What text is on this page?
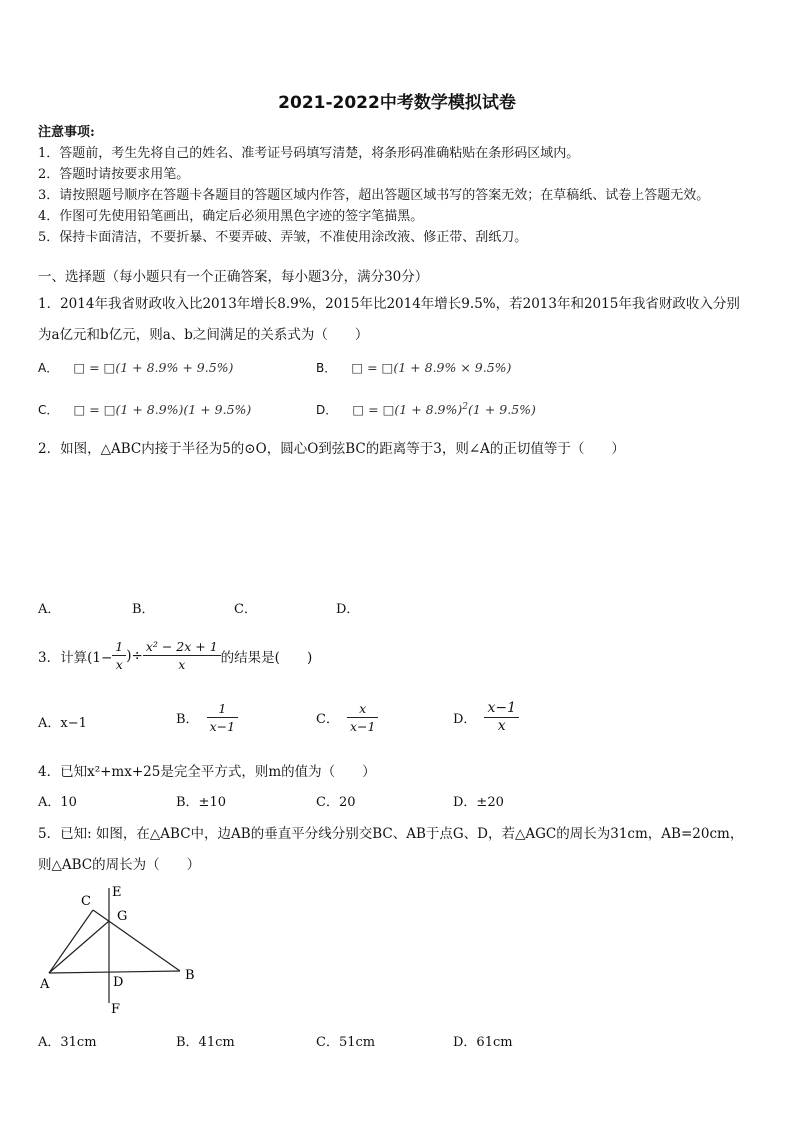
2021-2022中考数学模拟试卷
注意事项:
1．答题前，考生先将自己的姓名、准考证号码填写清楚，将条形码准确粘贴在条形码区域内。
2．答题时请按要求用笔。
3．请按照题号顺序在答题卡各题目的答题区域内作答，超出答题区域书写的答案无效；在草稿纸、试卷上答题无效。
4．作图可先使用铅笔画出，确定后必须用黑色字迹的签字笔描黑。
5．保持卡面清洁，不要折暴、不要弄破、弄皱，不准使用涂改液、修正带、刮纸刀。
一、选择题（每小题只有一个正确答案，每小题3分，满分30分）
1．2014年我省财政收入比2013年增长8.9%，2015年比2014年增长9.5%，若2013年和2015年我省财政收入分别
为a亿元和b亿元，则a、b之间满足的关系式为（　　）
A． □ = □(1 + 8.9% + 9.5%)	B． □ = □(1 + 8.9% × 9.5%)
C． □ = □(1 + 8.9%)(1 + 9.5%)	D． □ = □(1 + 8.9%)$^2$(1 + 9.5%)
2．如图，△ABC内接于半径为5的⊙O，圆心O到弦BC的距离等于3，则∠A的正切值等于（　　）
A．	B．	C．	D．
3．计算($1- \frac{1}{x}$ )÷ $\frac{\text{x² − 2x + 1}}{x}$ 的结果是(　　)
A．x−1	B． $\frac{1}{x-1}$	C． $\frac{x}{x-1}$	D． $\frac{x-1}{x}$
4．已知x²+mx+25是完全平方式，则m的值为（　　）
A．10	B．±10	C．20	D．±20
5．已知: 如图，在△ABC中，边AB的垂直平分线分别交BC、AB于点G、D，若△AGC的周长为31cm，AB=20cm，
则△ABC的周长为（　　）
A
B
C
D
E
F
G
A．31cm	B．41cm	C．51cm	D．61cm
